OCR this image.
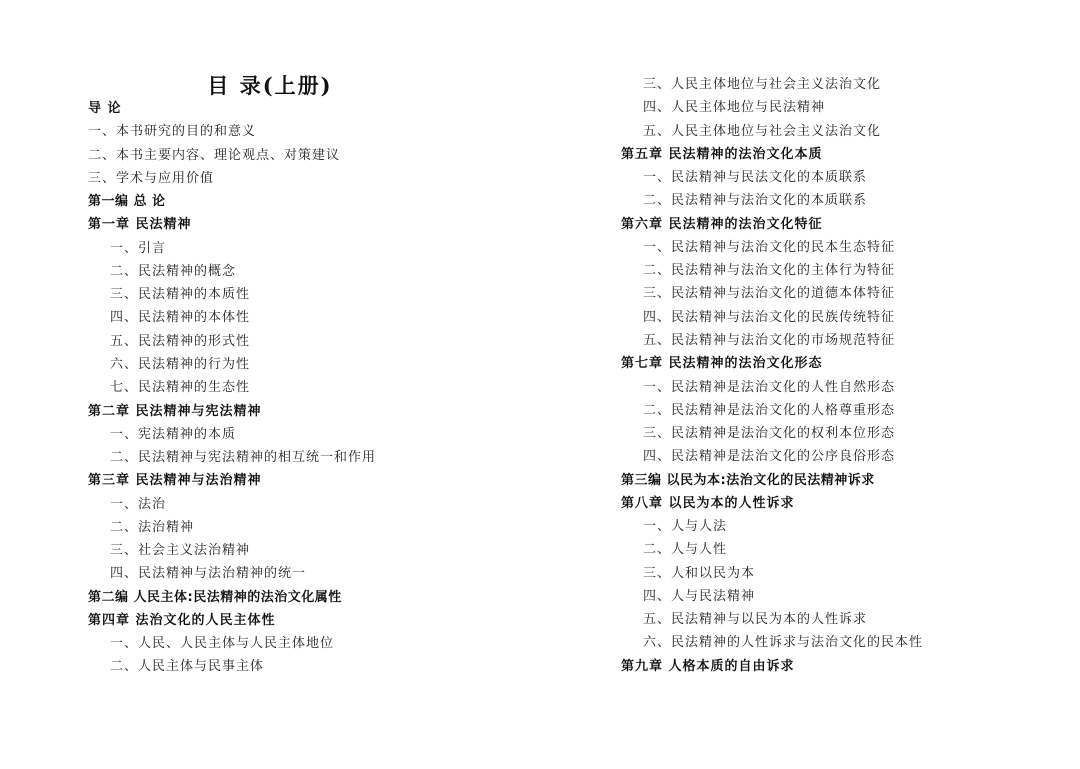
目 录(上册)
导 论
一、本书研究的目的和意义
二、本书主要内容、理论观点、对策建议
三、学术与应用价值
第一编 总 论
第一章 民法精神
一、引言
二、民法精神的概念
三、民法精神的本质性
四、民法精神的本体性
五、民法精神的形式性
六、民法精神的行为性
七、民法精神的生态性
第二章 民法精神与宪法精神
一、宪法精神的本质
二、民法精神与宪法精神的相互统一和作用
第三章 民法精神与法治精神
一、法治
二、法治精神
三、社会主义法治精神
四、民法精神与法治精神的统一
第二编 人民主体:民法精神的法治文化属性
第四章 法治文化的人民主体性
一、人民、人民主体与人民主体地位
二、人民主体与民事主体
三、人民主体地位与社会主义法治文化
四、人民主体地位与民法精神
五、人民主体地位与社会主义法治文化
第五章 民法精神的法治文化本质
一、民法精神与民法文化的本质联系
二、民法精神与法治文化的本质联系
第六章 民法精神的法治文化特征
一、民法精神与法治文化的民本生态特征
二、民法精神与法治文化的主体行为特征
三、民法精神与法治文化的道德本体特征
四、民法精神与法治文化的民族传统特征
五、民法精神与法治文化的市场规范特征
第七章 民法精神的法治文化形态
一、民法精神是法治文化的人性自然形态
二、民法精神是法治文化的人格尊重形态
三、民法精神是法治文化的权利本位形态
四、民法精神是法治文化的公序良俗形态
第三编 以民为本:法治文化的民法精神诉求
第八章 以民为本的人性诉求
一、人与人法
二、人与人性
三、人和以民为本
四、人与民法精神
五、民法精神与以民为本的人性诉求
六、民法精神的人性诉求与法治文化的民本性
第九章 人格本质的自由诉求
